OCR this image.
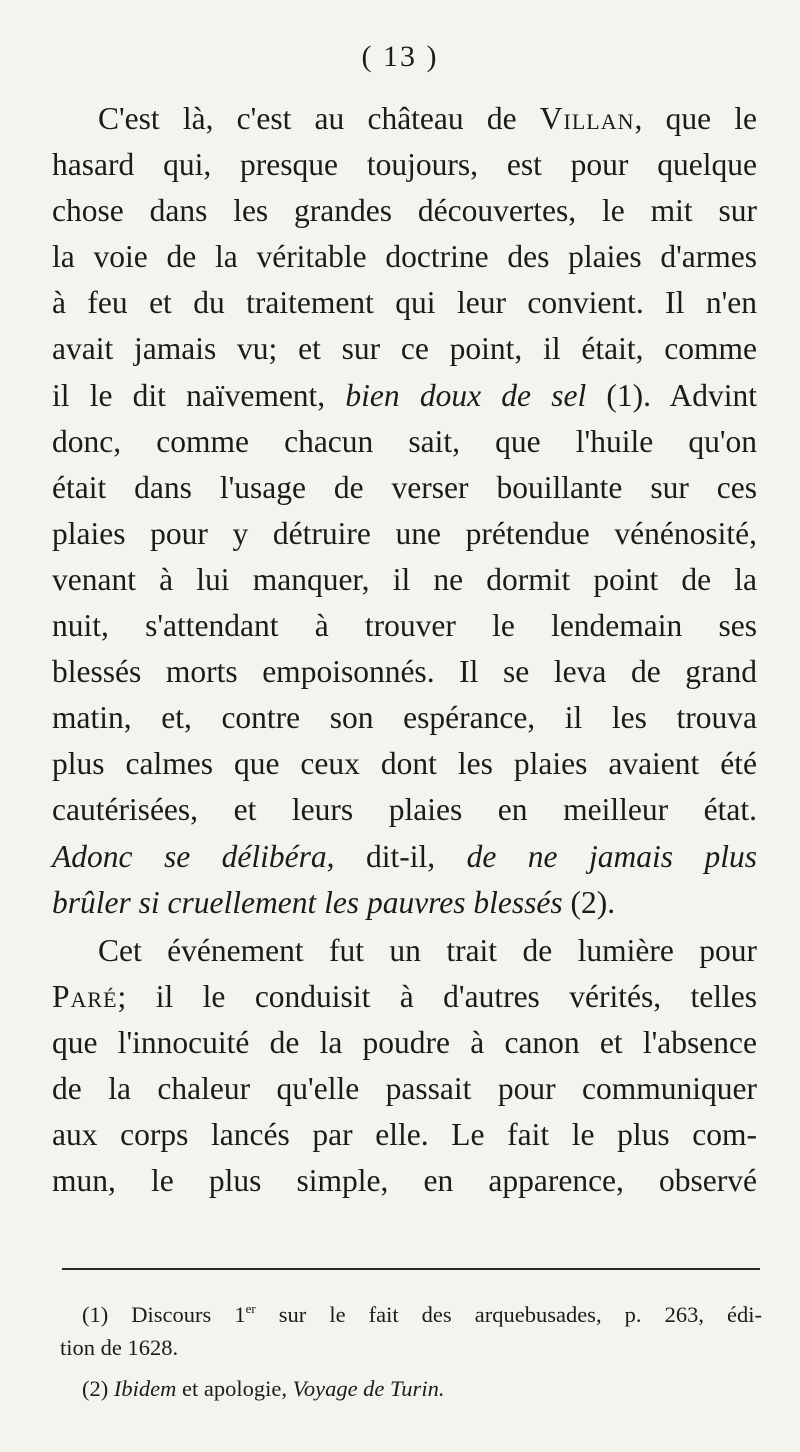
( 13 )
C'est là, c'est au château de Villan, que le
hasard qui, presque toujours, est pour quelque
chose dans les grandes découvertes, le mit sur
la voie de la véritable doctrine des plaies d'armes
à feu et du traitement qui leur convient. Il n'en
avait jamais vu; et sur ce point, il était, comme
il le dit naïvement, bien doux de sel (1). Advint
donc, comme chacun sait, que l'huile qu'on
était dans l'usage de verser bouillante sur ces
plaies pour y détruire une prétendue vénénosité,
venant à lui manquer, il ne dormit point de la
nuit, s'attendant à trouver le lendemain ses
blessés morts empoisonnés. Il se leva de grand
matin, et, contre son espérance, il les trouva
plus calmes que ceux dont les plaies avaient été
cautérisées, et leurs plaies en meilleur état.
Adonc se délibéra, dit-il, de ne jamais plus
brûler si cruellement les pauvres blessés (2).
Cet événement fut un trait de lumière pour
Paré; il le conduisit à d'autres vérités, telles
que l'innocuité de la poudre à canon et l'absence
de la chaleur qu'elle passait pour communiquer
aux corps lancés par elle. Le fait le plus com-
mun, le plus simple, en apparence, observé
(1) Discours 1er sur le fait des arquebusades, p. 263, édi-
tion de 1628.
(2) Ibidem et apologie, Voyage de Turin.
